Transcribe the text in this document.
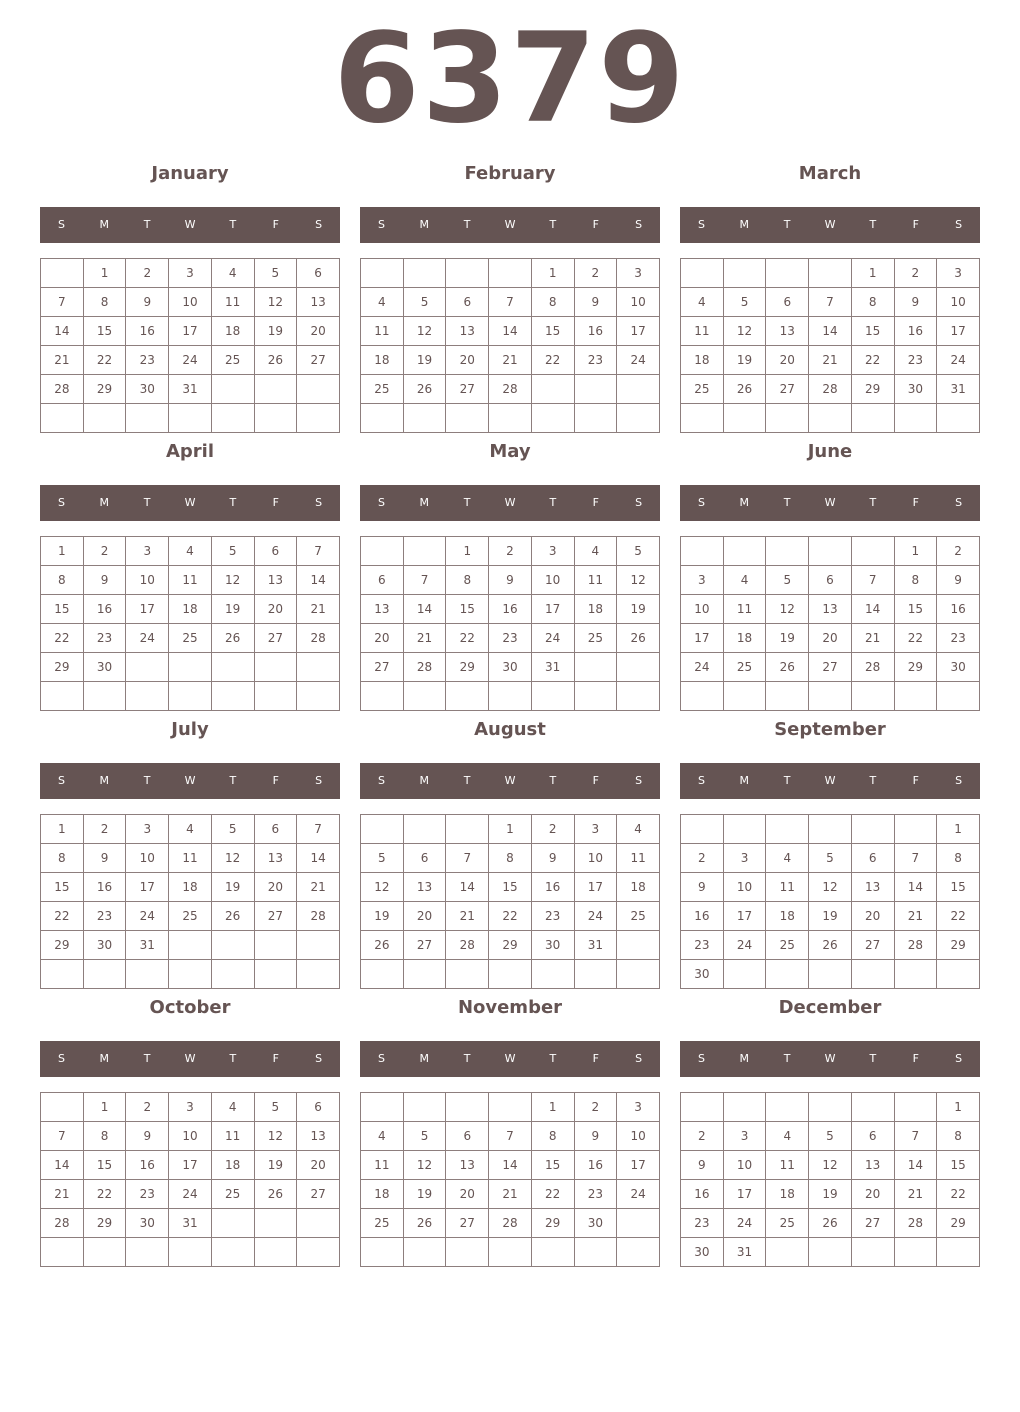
6379
January
S	M	T	W	T	F	S
	1	2	3	4	5	6
7	8	9	10	11	12	13
14	15	16	17	18	19	20
21	22	23	24	25	26	27
28	29	30	31			

February
S	M	T	W	T	F	S
				1	2	3
4	5	6	7	8	9	10
11	12	13	14	15	16	17
18	19	20	21	22	23	24
25	26	27	28			

March
S	M	T	W	T	F	S
				1	2	3
4	5	6	7	8	9	10
11	12	13	14	15	16	17
18	19	20	21	22	23	24
25	26	27	28	29	30	31

April
S	M	T	W	T	F	S
1	2	3	4	5	6	7
8	9	10	11	12	13	14
15	16	17	18	19	20	21
22	23	24	25	26	27	28
29	30					

May
S	M	T	W	T	F	S
		1	2	3	4	5
6	7	8	9	10	11	12
13	14	15	16	17	18	19
20	21	22	23	24	25	26
27	28	29	30	31		

June
S	M	T	W	T	F	S
					1	2
3	4	5	6	7	8	9
10	11	12	13	14	15	16
17	18	19	20	21	22	23
24	25	26	27	28	29	30

July
S	M	T	W	T	F	S
1	2	3	4	5	6	7
8	9	10	11	12	13	14
15	16	17	18	19	20	21
22	23	24	25	26	27	28
29	30	31				

August
S	M	T	W	T	F	S
			1	2	3	4
5	6	7	8	9	10	11
12	13	14	15	16	17	18
19	20	21	22	23	24	25
26	27	28	29	30	31	

September
S	M	T	W	T	F	S
						1
2	3	4	5	6	7	8
9	10	11	12	13	14	15
16	17	18	19	20	21	22
23	24	25	26	27	28	29
30						
October
S	M	T	W	T	F	S
	1	2	3	4	5	6
7	8	9	10	11	12	13
14	15	16	17	18	19	20
21	22	23	24	25	26	27
28	29	30	31			

November
S	M	T	W	T	F	S
				1	2	3
4	5	6	7	8	9	10
11	12	13	14	15	16	17
18	19	20	21	22	23	24
25	26	27	28	29	30	

December
S	M	T	W	T	F	S
						1
2	3	4	5	6	7	8
9	10	11	12	13	14	15
16	17	18	19	20	21	22
23	24	25	26	27	28	29
30	31					
